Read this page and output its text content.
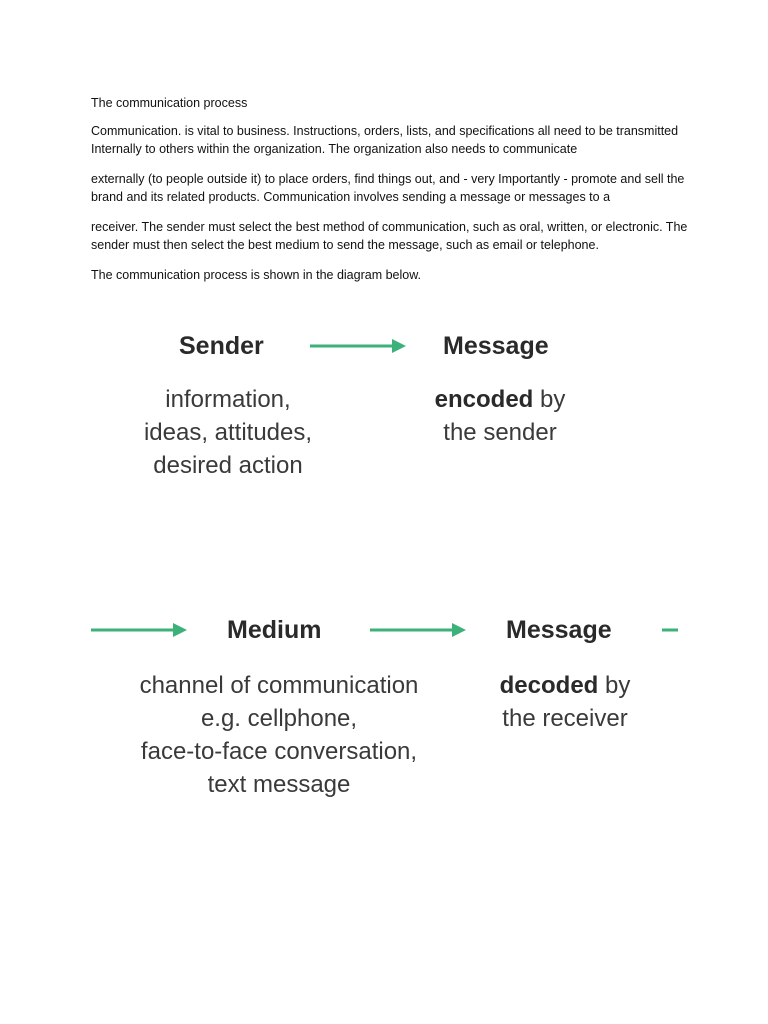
The communication process

Communication. is vital to business. Instructions, orders, lists, and specifications all need to be transmitted Internally to others within the organization. The organization also needs to communicate

externally (to people outside it) to place orders, find things out, and - very Importantly - promote and sell the brand and its related products. Communication involves sending a message or messages to a

receiver. The sender must select the best method of communication, such as oral, written, or electronic. The sender must then select the best medium to send the message, such as email or telephone.

The communication process is shown in the diagram below.

Sender	Message
information,
ideas, attitudes,
desired action
encoded by
the sender
Medium	Message
channel of communication
e.g. cellphone,
face-to-face conversation,
text message
decoded by
the receiver
